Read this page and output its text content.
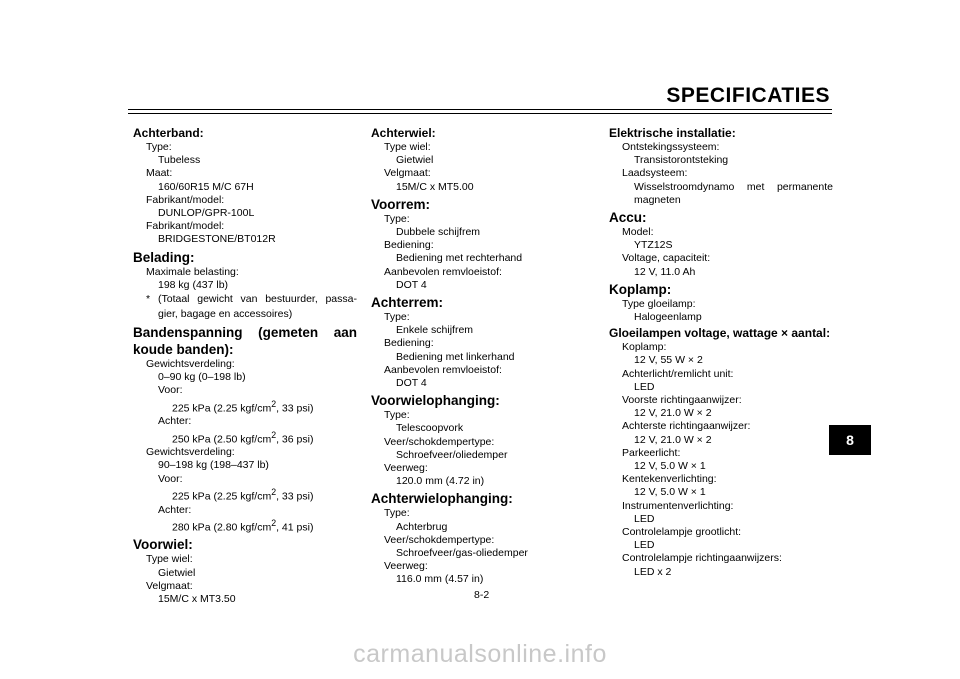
SPECIFICATIES
Achterband:
Type:
Tubeless
Maat:
160/60R15 M/C 67H
Fabrikant/model:
DUNLOP/GPR-100L
Fabrikant/model:
BRIDGESTONE/BT012R
Belading:
Maximale belasting:
198 kg (437 lb)
* (Totaal gewicht van bestuurder, passa-gier, bagage en accessoires)
Bandenspanning (gemeten aan koude banden):
Gewichtsverdeling:
0–90 kg (0–198 lb)
Voor:
225 kPa (2.25 kgf/$cm^2$, 33 psi)
Achter:
250 kPa (2.50 kgf/$cm^2$, 36 psi)
Gewichtsverdeling:
90–198 kg (198–437 lb)
Voor:
225 kPa (2.25 kgf/$cm^2$, 33 psi)
Achter:
280 kPa (2.80 kgf/$cm^2$, 41 psi)
Voorwiel:
Type wiel:
Gietwiel
Velgmaat:
15M/C x MT3.50
Achterwiel:
Type wiel:
Gietwiel
Velgmaat:
15M/C x MT5.00
Voorrem:
Type:
Dubbele schijfrem
Bediening:
Bediening met rechterhand
Aanbevolen remvloeistof:
DOT 4
Achterrem:
Type:
Enkele schijfrem
Bediening:
Bediening met linkerhand
Aanbevolen remvloeistof:
DOT 4
Voorwielophanging:
Type:
Telescoopvork
Veer/schokdempertype:
Schroefveer/oliedemper
Veerweg:
120.0 mm (4.72 in)
Achterwielophanging:
Type:
Achterbrug
Veer/schokdempertype:
Schroefveer/gas-oliedemper
Veerweg:
116.0 mm (4.57 in)
Elektrische installatie:
Ontstekingssysteem:
Transistorontsteking
Laadsysteem:
Wisselstroomdynamo met permanente magneten
Accu:
Model:
YTZ12S
Voltage, capaciteit:
12 V, 11.0 Ah
Koplamp:
Type gloeilamp:
Halogeenlamp
Gloeilampen voltage, wattage × aantal:
Koplamp:
12 V, 55 W × 2
Achterlicht/remlicht unit:
LED
Voorste richtingaanwijzer:
12 V, 21.0 W × 2
Achterste richtingaanwijzer:
12 V, 21.0 W × 2
Parkeerlicht:
12 V, 5.0 W × 1
Kentekenverlichting:
12 V, 5.0 W × 1
Instrumentenverlichting:
LED
Controlelampje grootlicht:
LED
Controlelampje richtingaanwijzers:
LED x 2
8
8-2
carmanualsonline.info
